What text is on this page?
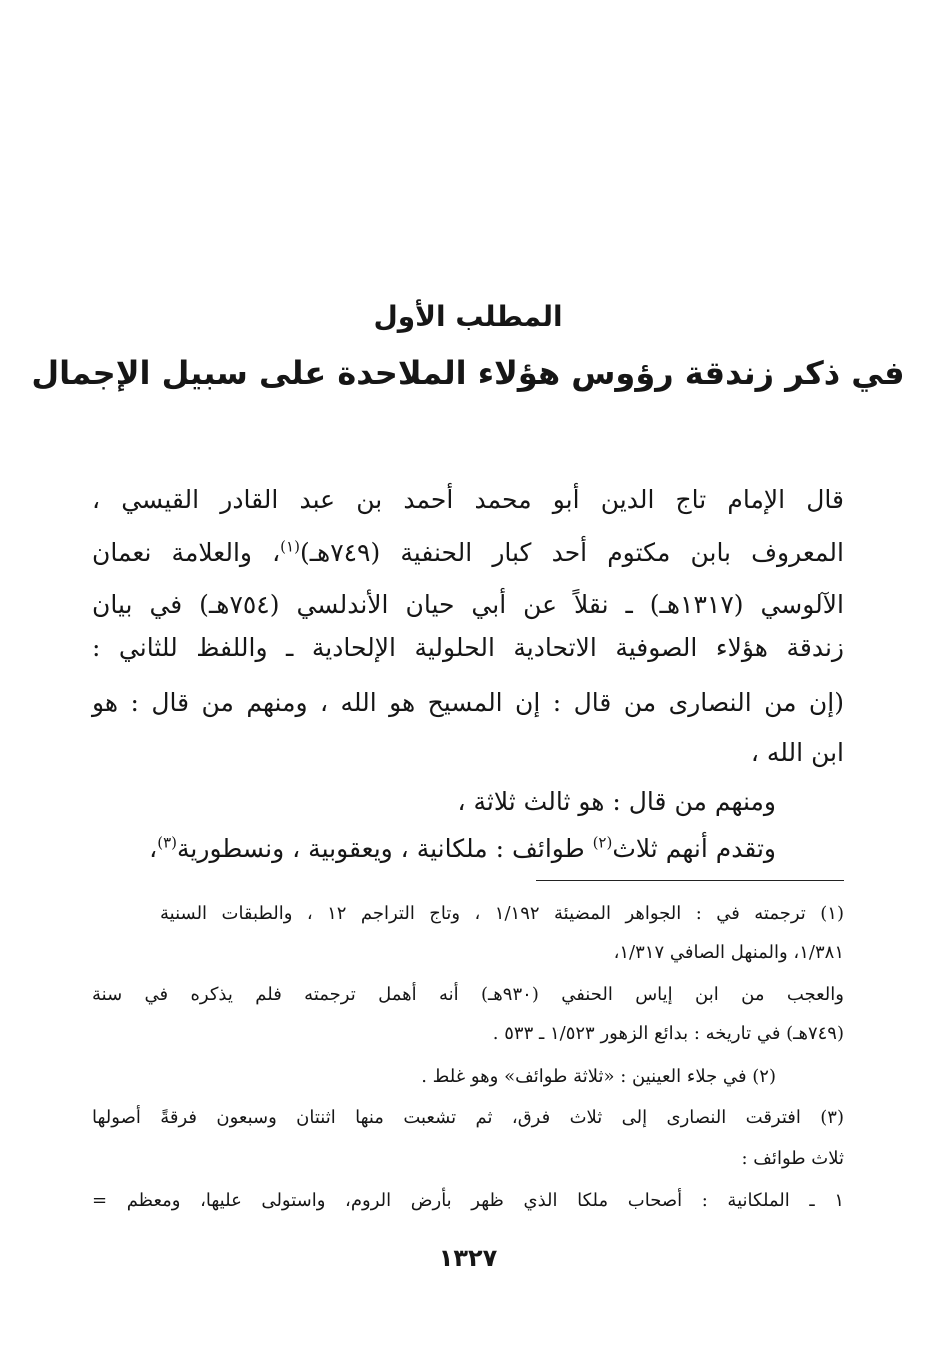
المطلب الأول
في ذكر زندقة رؤوس هؤلاء الملاحدة على سبيل الإجمال
قال الإمام تاج الدين أبو محمد أحمد بن عبد القادر القيسي ،
المعروف بابن مكتوم أحد كبار الحنفية (٧٤٩هـ)$^{(١)}$، والعلامة نعمان
الآلوسي (١٣١٧هـ) ـ نقلاً عن أبي حيان الأندلسي (٧٥٤هـ) في بيان
زندقة هؤلاء الصوفية الاتحادية الحلولية الإلحادية ـ واللفظ للثاني :
(إن من النصارى من قال : إن المسيح هو الله ، ومنهم من قال : هو
ابن الله ،
ومنهم من قال : هو ثالث ثلاثة ،
وتقدم أنهم ثلاث$^{(٢)}$ طوائف : ملكانية ، ويعقوبية ، ونسطورية$^{(٣)}$،
(١) ترجمته في : الجواهر المضيئة ١/١٩٢ ، وتاج التراجم ١٢ ، والطبقات السنية
١/٣٨١، والمنهل الصافي ١/٣١٧،
والعجب من ابن إياس الحنفي (٩٣٠هـ) أنه أهمل ترجمته فلم يذكره في سنة
(٧٤٩هـ) في تاريخه : بدائع الزهور ١/٥٢٣ ـ ٥٣٣ .
(٢) في جلاء العينين : «ثلاثة طوائف» وهو غلط .
(٣) افترقت النصارى إلى ثلاث فرق، ثم تشعبت منها اثنتان وسبعون فرقةً أصولها
ثلاث طوائف :
١ ـ الملكانية : أصحاب ملكا الذي ظهر بأرض الروم، واستولى عليها، ومعظم =
١٣٢٧
